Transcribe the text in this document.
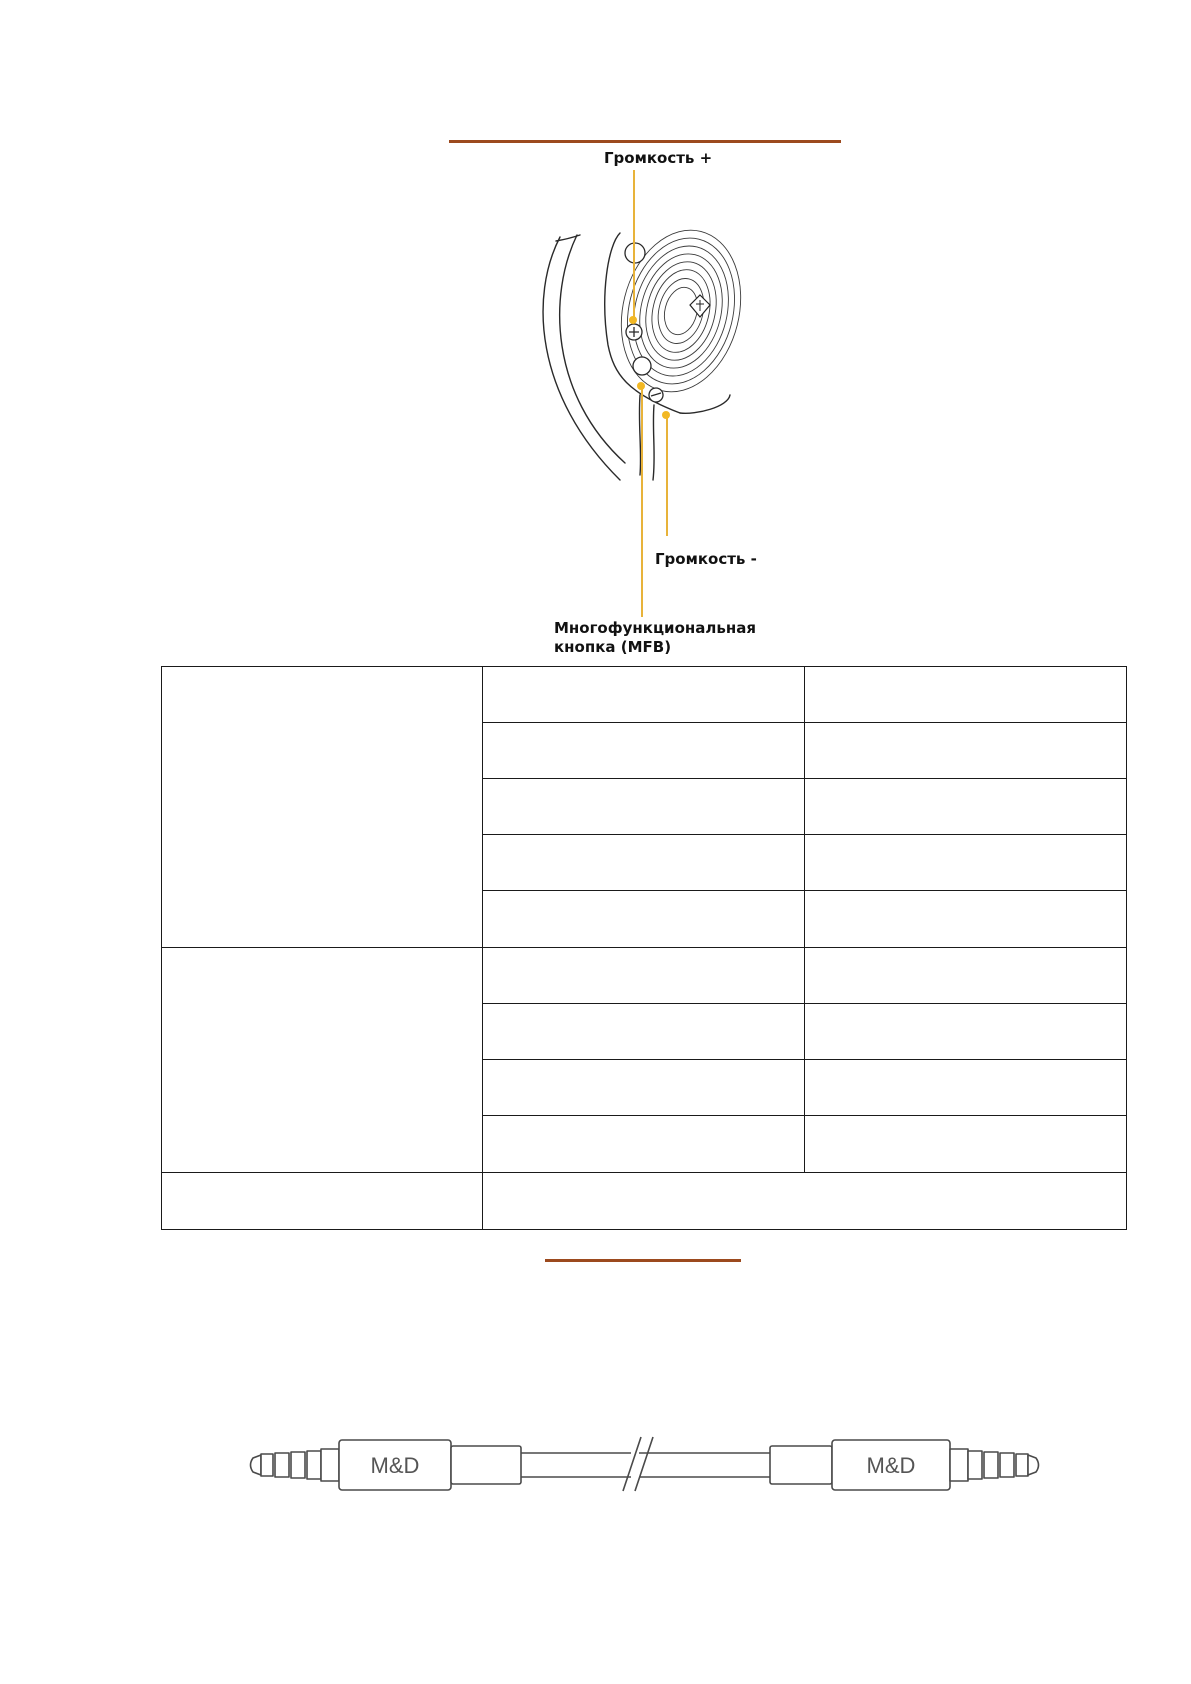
Громкость +
Громкость -
Многофункциональная
кнопка (MFB)

M&D	M&D
